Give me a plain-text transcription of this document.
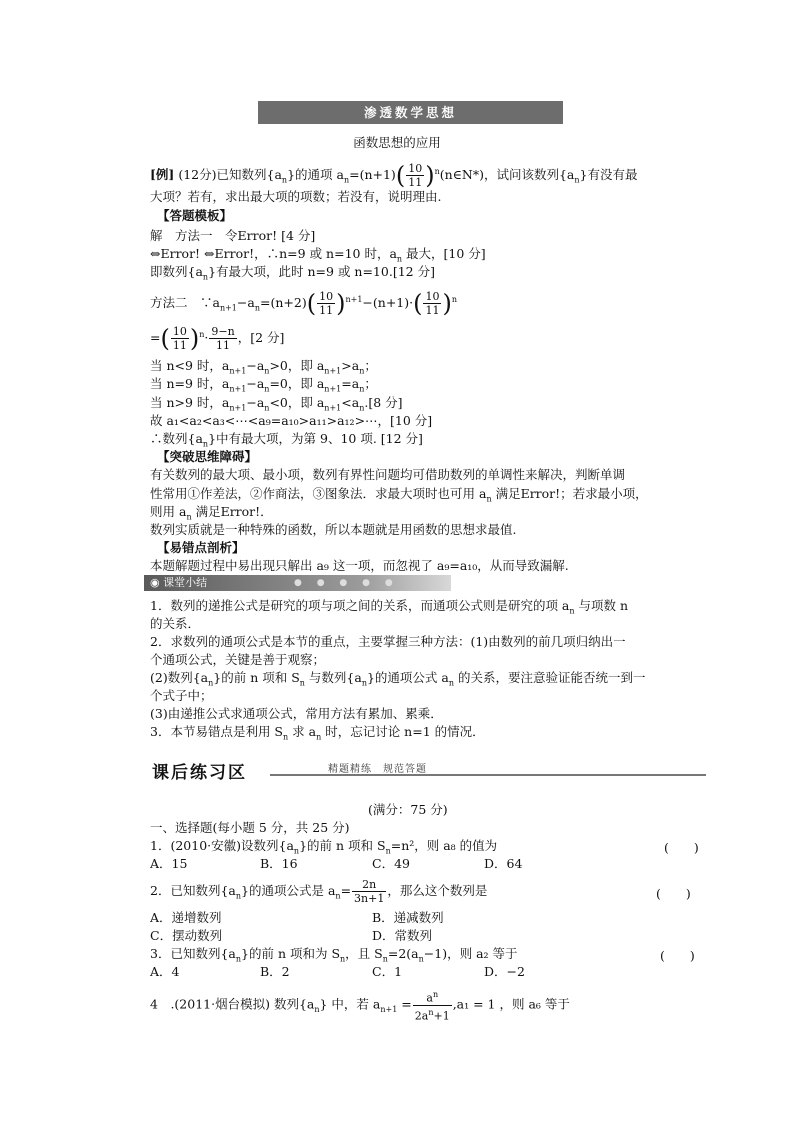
渗透数学思想
函数思想的应用
[例] (12分)已知数列$\{a_n\}$的通项 $a_n=(n+1)( \frac{10}{11}$ )$^n(n\in N*)$，试问该数列$\{a_n\}$有没有最
大项？若有，求出最大项的项数；若没有，说明理由.
【答题模板】
解　方法一　令Error! [4 分]
⇔Error! ⇔Error!，∴n=9 或 n=10 时，$a_n$ 最大，[10 分]
即数列$\{a_n\}$有最大项，此时 n=9 或 n=10.[12 分]
方法二　$\because a_{n+1}-a_n=(n+2)( \frac{10}{11} )^{n+1}-(n+1)\cdot( \frac{10}{11} )^n$
=( $\frac{10}{11} )^n\cdot \frac{9-n}{11}$ ，[2 分]
当 n<9 时，$a_{n+1}-a_n>0$，即 $a_{n+1}>a_n$；
当 n=9 时，$a_{n+1}-a_n=0$，即 $a_{n+1}=a_n$；
当 n>9 时，$a_{n+1}-a_n<0$，即 $a_{n+1}<a_n.[8$ 分]
故 a₁<a₂<a₃<⋯<a₉=a₁₀>a₁₁>a₁₂>⋯，[10 分]
∴数列$\{a_n\}$中有最大项，为第 9、10 项. [12 分]
【突破思维障碍】
有关数列的最大项、最小项，数列有界性问题均可借助数列的单调性来解决，判断单调
性常用①作差法，②作商法，③图象法．求最大项时也可用 $a_n$ 满足Error!；若求最小项，
则用 $a_n$ 满足Error!．
数列实质就是一种特殊的函数，所以本题就是用函数的思想求最值.
【易错点剖析】
本题解题过程中易出现只解出 a₉ 这一项，而忽视了 a₉=a₁₀，从而导致漏解.
◉ 课堂小结	● ● ● ● ●
1．数列的递推公式是研究的项与项之间的关系，而通项公式则是研究的项 $a_n$ 与项数 n
的关系．
2．求数列的通项公式是本节的重点，主要掌握三种方法：(1)由数列的前几项归纳出一
个通项公式，关键是善于观察；
(2)数列$\{a_n\}$的前 n 项和 $S_n$ 与数列$\{a_n\}$的通项公式 $a_n$ 的关系，要注意验证能否统一到一
个式子中；
(3)由递推公式求通项公式，常用方法有累加、累乘．
3．本节易错点是利用 $S_n$ 求 $a_n$ 时，忘记讨论 n=1 的情况．
课后练习区	精题精练　规范答题
(满分：75 分)
一、选择题(每小题 5 分，共 25 分)
1．(2010·安徽)设数列$\{a_n\}$的前 n 项和 $S_n=n^2$，则 a₈ 的值为	(　　)
A．15	B．16	C．49	D．64
2．已知数列$\{a_n\}$的通项公式是 $a_n= \frac{2n}{3n+1}$ ，那么这个数列是	(　　)
A．递增数列	B．递减数列
C．摆动数列	D．常数列
3．已知数列$\{a_n\}$的前 n 项和为 $S_n$，且 $S_n=2(a_n-1)$，则 a₂ 等于	(　　)
A．4	B．2	C．1	D．−2
4　.(2011·烟台模拟) 数列$\{a_n\}$ 中，若 $a_{n+1} = \frac{a^n}{2a^n+1} ,a_1 = 1$ ，则 a₆ 等于
